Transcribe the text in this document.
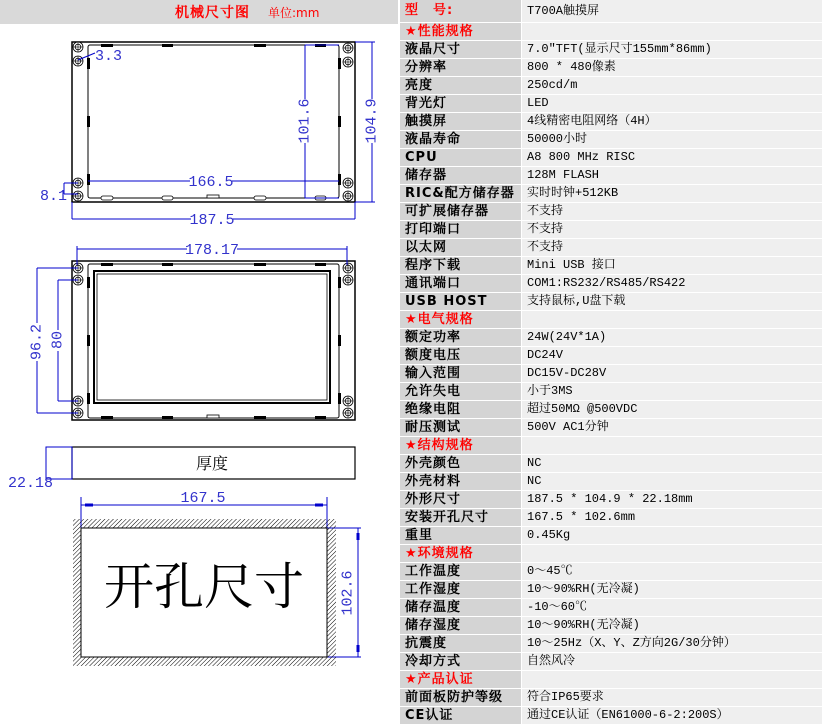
3.3
101.6	104.9
166.5
8.1
187.5
178.17
96.2 80
厚度
22.18
167.5
开孔尺寸 102.6
机械尺寸图 单位:mm	型　号:	T700A触摸屏
★性能规格
液晶尺寸	7.0"TFT(显示尺寸155mm*86mm)
分辨率	800 * 480像素
亮度	250cd/m
背光灯	LED
触摸屏	4线精密电阻网络（4H）
液晶寿命	50000小时
CPU	A8 800 MHz RISC
储存器	128M FLASH
RIC&配方储存器	实时时钟+512KB
可扩展储存器	不支持
打印端口	不支持
以太网	不支持
程序下载	Mini USB 接口
通讯端口	COM1:RS232/RS485/RS422
USB HOST	支持鼠标,U盘下载
★电气规格
额定功率	24W(24V*1A)
额度电压	DC24V
输入范围	DC15V-DC28V
允许失电	小于3MS
绝缘电阻	超过50MΩ @500VDC
耐压测试	500V AC1分钟
★结构规格
外壳颜色	NC
外壳材料	NC
外形尺寸	187.5 * 104.9 * 22.18mm
安装开孔尺寸	167.5 * 102.6mm
重里	0.45Kg
★环境规格
工作温度	0～45℃
工作湿度	10～90%RH(无冷凝)
储存温度	-10～60℃
储存湿度	10～90%RH(无冷凝)
抗震度	10～25Hz（X、Y、Z方向2G/30分钟）
冷却方式	自然风冷
★产品认证
前面板防护等级	符合IP65要求
CE认证	通过CE认证（EN61000-6-2:200S）
